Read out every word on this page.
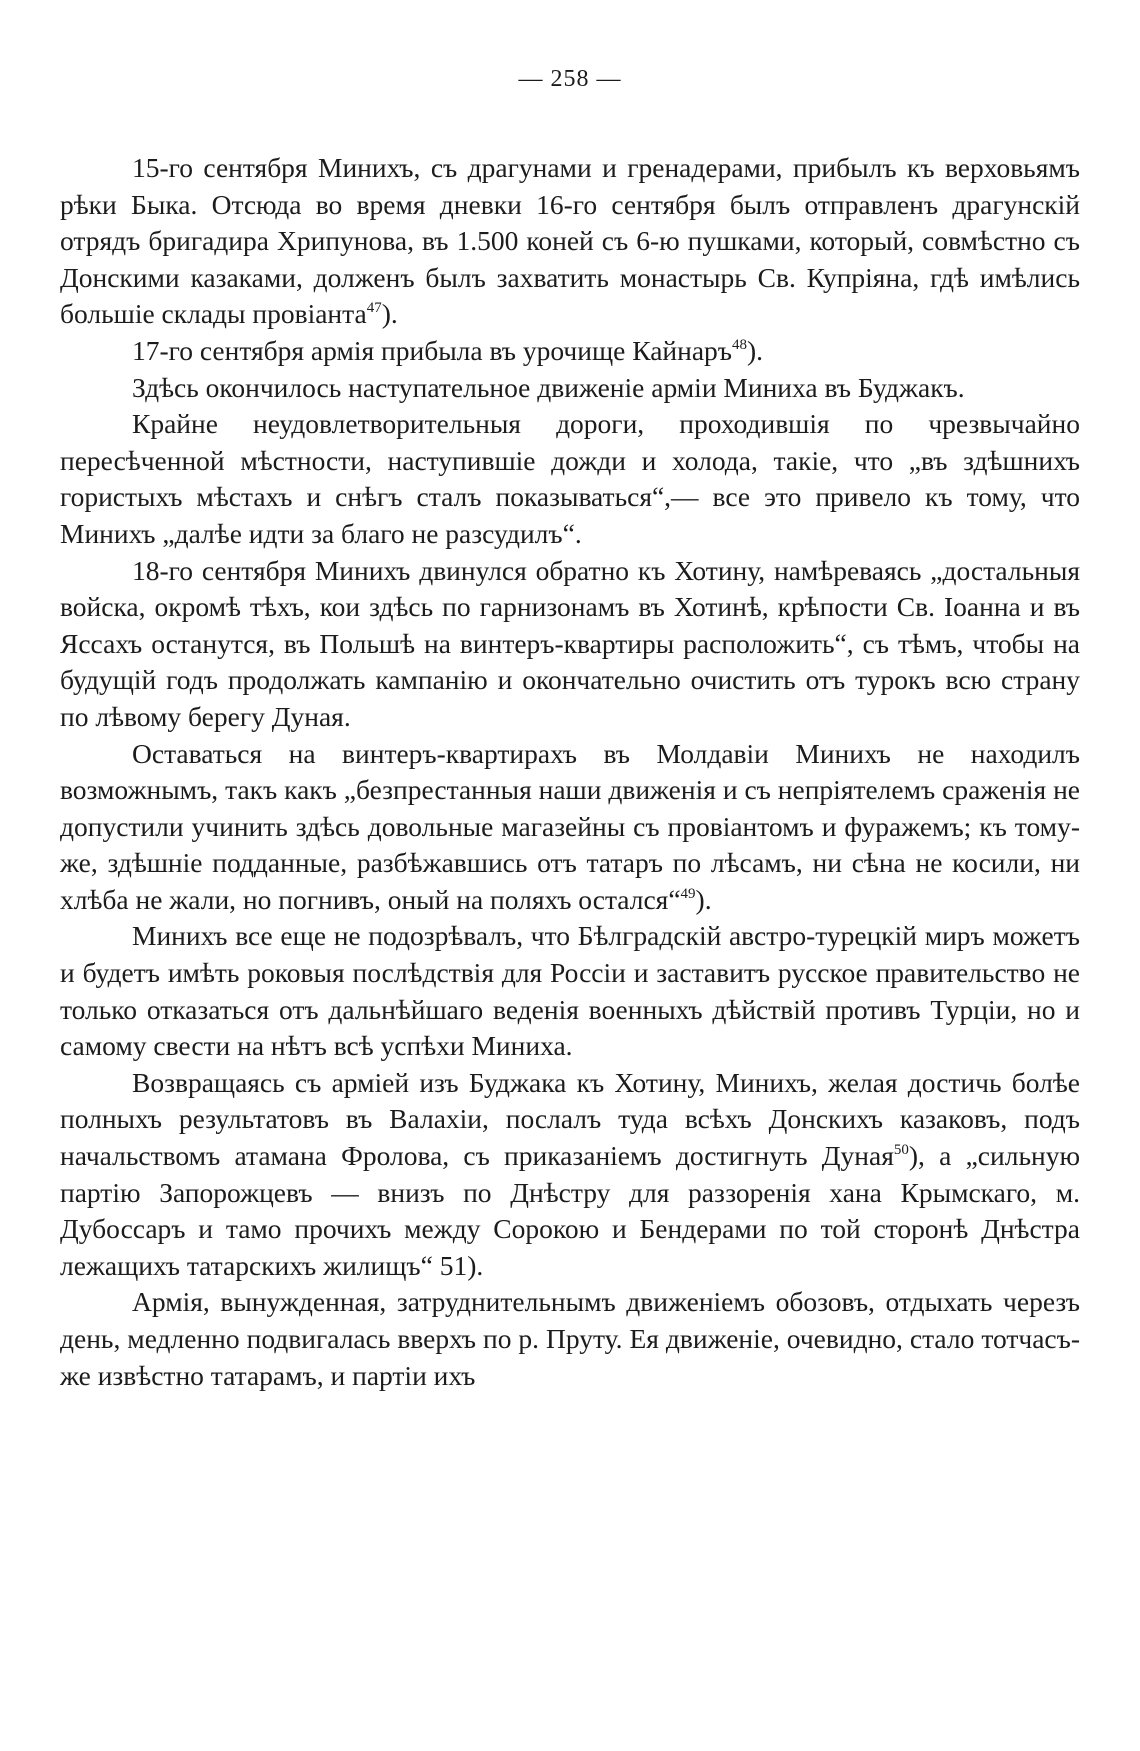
— 258 —

15-го сентября Минихъ, съ драгунами и гренадерами, прибылъ къ верховьямъ рѣки Быка. Отсюда во время дневки 16-го сентября былъ отправленъ драгунскій отрядъ бригадира Хрипунова, въ 1.500 коней съ 6-ю пушками, который, совмѣстно съ Донскими казаками, долженъ былъ захватить монастырь Св. Купріяна, гдѣ имѣлись большіе склады провіанта$^{47}$).

17-го сентября армія прибыла въ урочище Кайнаръ$^{48}$).

Здѣсь окончилось наступательное движеніе арміи Миниха въ Буджакъ.

Крайне неудовлетворительныя дороги, проходившія по чрезвычайно пересѣченной мѣстности, наступившіе дожди и холода, такіе, что „въ здѣшнихъ гористыхъ мѣстахъ и снѣгъ сталъ показываться“,— все это привело къ тому, что Минихъ „далѣе идти за благо не разсудилъ“.

18-го сентября Минихъ двинулся обратно къ Хотину, намѣреваясь „достальныя войска, окромѣ тѣхъ, кои здѣсь по гарнизонамъ въ Хотинѣ, крѣпости Св. Іоанна и въ Яссахъ останутся, въ Польшѣ на винтеръ-квартиры расположить“, съ тѣмъ, чтобы на будущій годъ продолжать кампанію и окончательно очистить отъ турокъ всю страну по лѣвому берегу Дуная.

Оставаться на винтеръ-квартирахъ въ Молдавіи Минихъ не находилъ возможнымъ, такъ какъ „безпрестанныя наши движенія и съ непріятелемъ сраженія не допустили учинить здѣсь довольные магазейны съ провіантомъ и фуражемъ; къ тому-же, здѣшніе подданные, разбѣжавшись отъ татаръ по лѣсамъ, ни сѣна не косили, ни хлѣба не жали, но погнивъ, оный на поляхъ остался“$^{49}$).

Минихъ все еще не подозрѣвалъ, что Бѣлградскій австро-турецкій миръ можетъ и будетъ имѣть роковыя послѣдствія для Россіи и заставитъ русское правительство не только отказаться отъ дальнѣйшаго веденія военныхъ дѣйствій противъ Турціи, но и самому свести на нѣтъ всѣ успѣхи Миниха.

Возвращаясь съ арміей изъ Буджака къ Хотину, Минихъ, желая достичь болѣе полныхъ результатовъ въ Валахіи, послалъ туда всѣхъ Донскихъ казаковъ, подъ начальствомъ атамана Фролова, съ приказаніемъ достигнуть Дуная$^{50}$), а „сильную партію Запорожцевъ — внизъ по Днѣстру для раззоренія хана Крымскаго, м. Дубоссаръ и тамо прочихъ между Сорокою и Бендерами по той сторонѣ Днѣстра лежащихъ татарскихъ жилищъ“ 51).

Армія, вынужденная, затруднительнымъ движеніемъ обозовъ, отдыхать черезъ день, медленно подвигалась вверхъ по р. Пруту. Ея движеніе, очевидно, стало тотчасъ-же извѣстно татарамъ, и партіи ихъ
